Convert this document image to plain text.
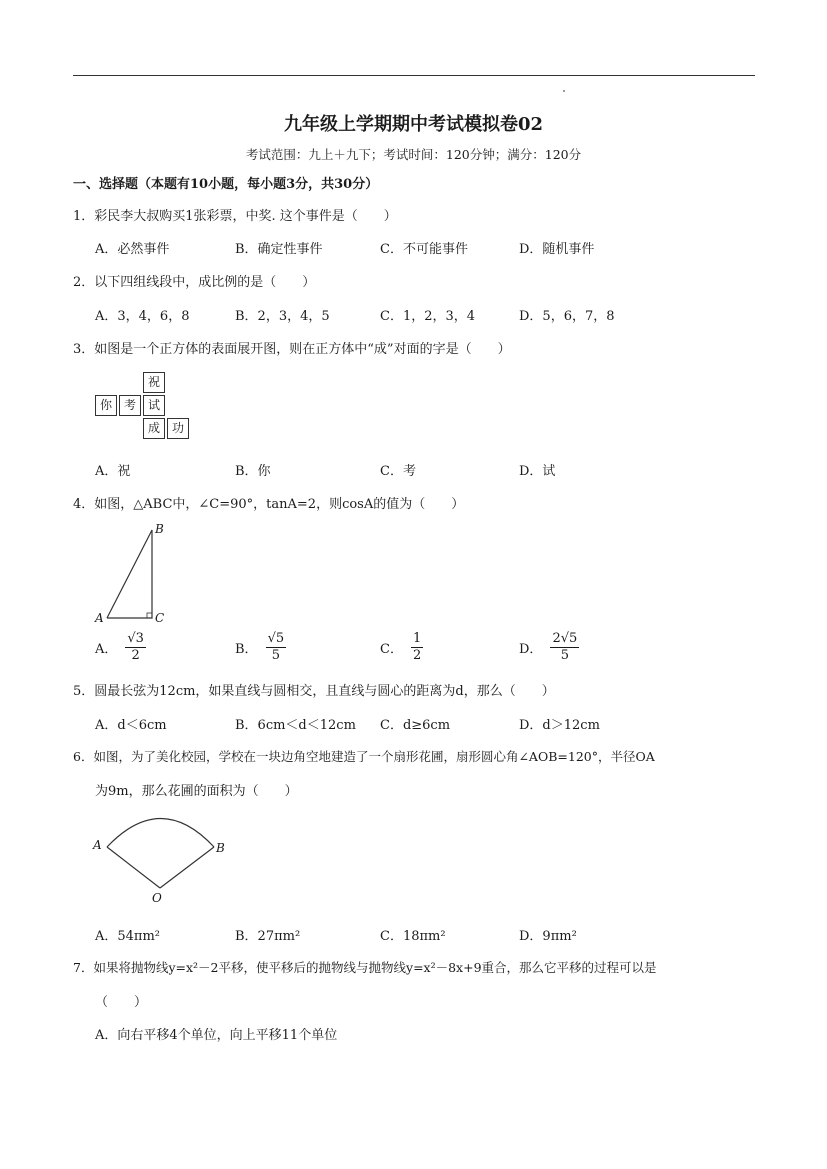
九年级上学期期中考试模拟卷02
考试范围：九上＋九下；考试时间：120分钟；满分：120分
一、选择题（本题有10小题，每小题3分，共30分）
1．彩民李大叔购买1张彩票，中奖. 这个事件是（　　）
A．必然事件	B．确定性事件	C．不可能事件	D．随机事件
2．以下四组线段中，成比例的是（　　）
A．3，4，6，8	B．2，3，4，5	C．1，2，3，4	D．5，6，7，8
3．如图是一个正方体的表面展开图，则在正方体中“成”对面的字是（　　）
祝
你 考 试
成 功
A．祝	B．你	C．考	D．试
4．如图，△ABC中，∠C=90°，tanA=2，则cosA的值为（　　）
A
B
C
A． $\frac{√3}{2}$	B． $\frac{√5}{5}$	C． $\frac{1}{2}$	D． $\frac{2√5}{5}$
5．圆最长弦为12cm，如果直线与圆相交，且直线与圆心的距离为d，那么（　　）
A．d＜6cm	B．6cm＜d＜12cm C．d≥6cm	D．d＞12cm
6．如图，为了美化校园，学校在一块边角空地建造了一个扇形花圃，扇形圆心角∠AOB=120°，半径OA
为9m，那么花圃的面积为（　　）
A	B
O
A．54πm²	B．27πm²	C．18πm²	D．9πm²
7．如果将抛物线y=x²－2平移，使平移后的抛物线与抛物线y=x²－8x+9重合，那么它平移的过程可以是
（　　）
A．向右平移4个单位，向上平移11个单位
